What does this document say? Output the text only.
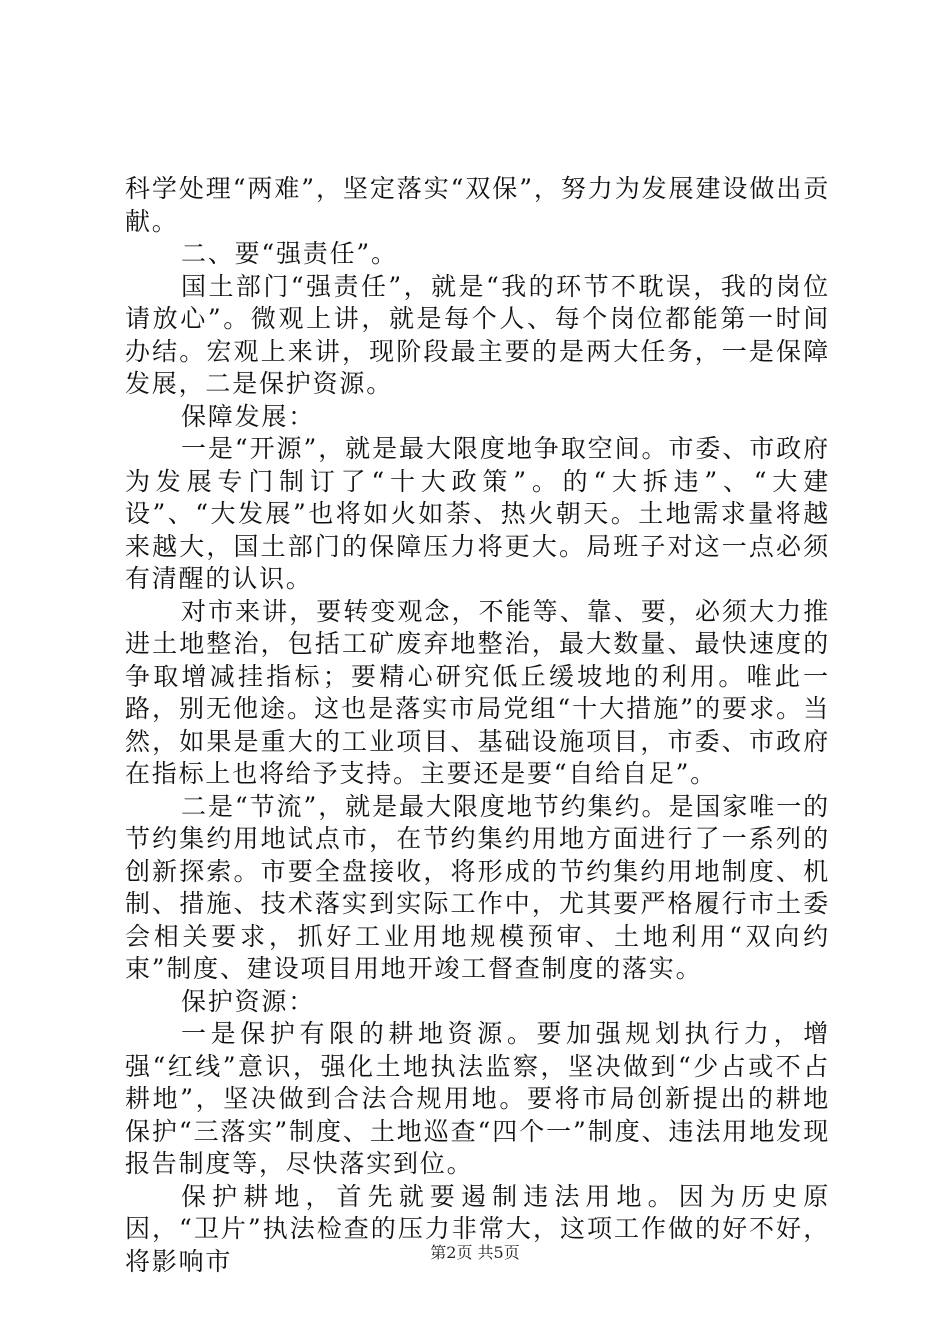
科学处理“两难”，坚定落实“双保”，努力为发展建设做出贡献。

二、要“强责任”。

国土部门“强责任”，就是“我的环节不耽误，我的岗位请放心”。微观上讲，就是每个人、每个岗位都能第一时间办结。宏观上来讲，现阶段最主要的是两大任务，一是保障发展，二是保护资源。

保障发展：

一是“开源”，就是最大限度地争取空间。市委、市政府为发展专门制订了“十大政策”。的“大拆违”、“大建设”、“大发展”也将如火如荼、热火朝天。土地需求量将越来越大，国土部门的保障压力将更大。局班子对这一点必须有清醒的认识。

对市来讲，要转变观念，不能等、靠、要，必须大力推进土地整治，包括工矿废弃地整治，最大数量、最快速度的争取增减挂指标；要精心研究低丘缓坡地的利用。唯此一路，别无他途。这也是落实市局党组“十大措施”的要求。当然，如果是重大的工业项目、基础设施项目，市委、市政府在指标上也将给予支持。主要还是要“自给自足”。

二是“节流”，就是最大限度地节约集约。是国家唯一的节约集约用地试点市，在节约集约用地方面进行了一系列的创新探索。市要全盘接收，将形成的节约集约用地制度、机制、措施、技术落实到实际工作中，尤其要严格履行市土委会相关要求，抓好工业用地规模预审、土地利用“双向约束”制度、建设项目用地开竣工督查制度的落实。

保护资源：

一是保护有限的耕地资源。要加强规划执行力，增强“红线”意识，强化土地执法监察，坚决做到“少占或不占耕地”，坚决做到合法合规用地。要将市局创新提出的耕地保护“三落实”制度、土地巡查“四个一”制度、违法用地发现报告制度等，尽快落实到位。

保护耕地，首先就要遏制违法用地。因为历史原因，“卫片”执法检查的压力非常大，这项工作做的好不好，将影响市	第2页 共5页
